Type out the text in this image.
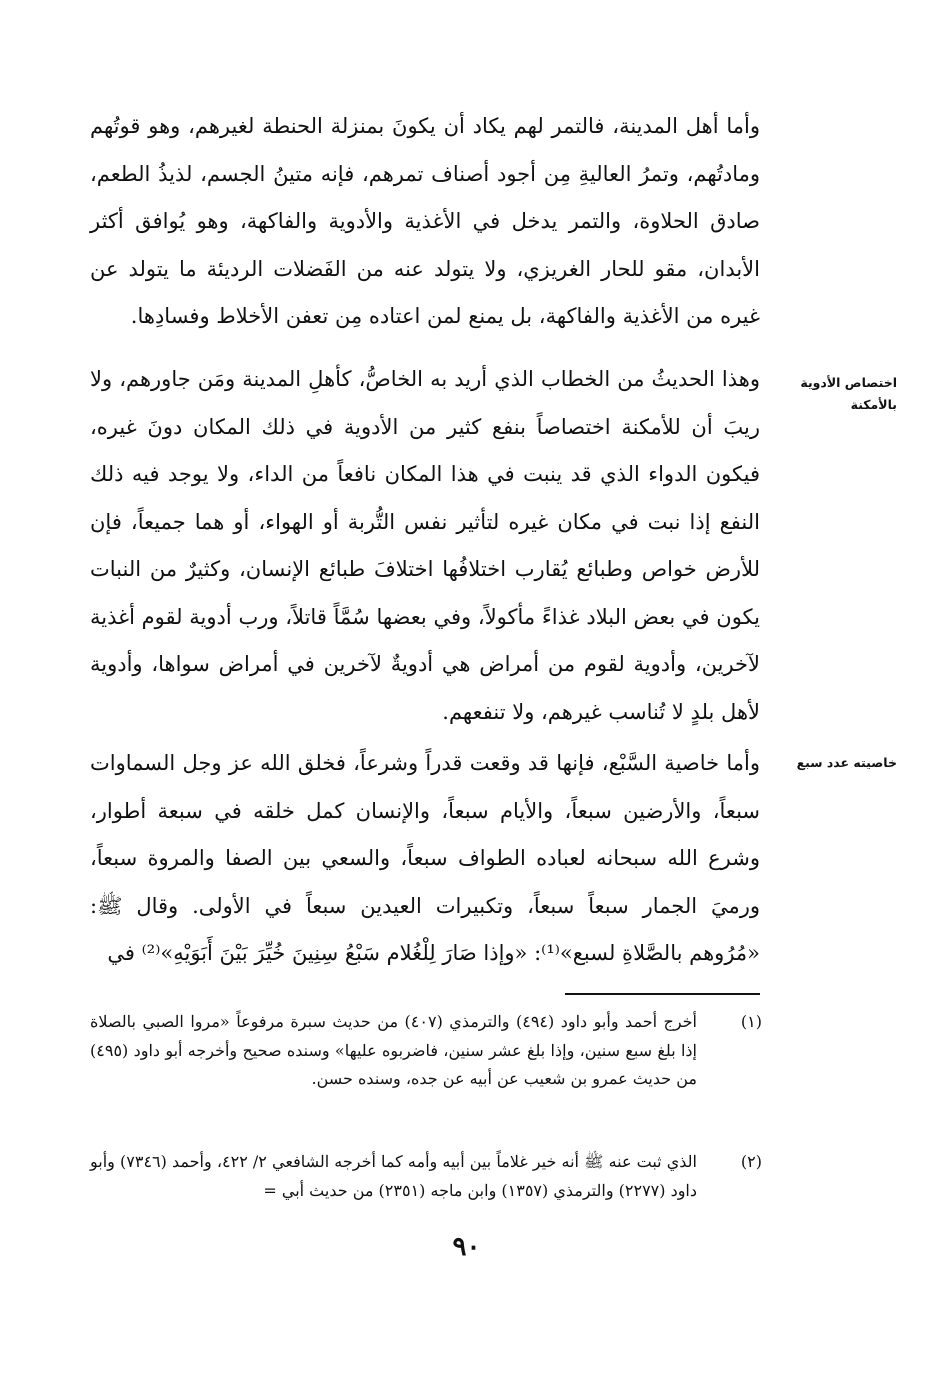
وأما أهل المدينة، فالتمر لهم يكاد أن يكونَ بمنزلة الحنطة لغيرهم، وهو قوتُهم ومادتُهم، وتمرُ العاليةِ مِن أجود أصناف تمرهم، فإنه متينُ الجسم، لذيذُ الطعم، صادق الحلاوة، والتمر يدخل في الأغذية والأدوية والفاكهة، وهو يُوافق أكثر الأبدان، مقو للحار الغريزي، ولا يتولد عنه من الفَضلات الرديئة ما يتولد عن غيره من الأغذية والفاكهة، بل يمنع لمن اعتاده مِن تعفن الأخلاط وفسادِها.

اختصاص الأدوية بالأمكنة

وهذا الحديثُ من الخطاب الذي أريد به الخاصُّ، كأهلِ المدينة ومَن جاورهم، ولا ريبَ أن للأمكنة اختصاصاً بنفع كثير من الأدوية في ذلك المكان دونَ غيره، فيكون الدواء الذي قد ينبت في هذا المكان نافعاً من الداء، ولا يوجد فيه ذلك النفع إذا نبت في مكان غيره لتأثير نفس التُّربة أو الهواء، أو هما جميعاً، فإن للأرض خواص وطبائع يُقارب اختلافُها اختلافَ طبائع الإنسان، وكثيرٌ من النبات يكون في بعض البلاد غذاءً مأكولاً، وفي بعضها سُمَّاً قاتلاً، ورب أدوية لقوم أغذية لآخرين، وأدوية لقوم من أمراض هي أدويةٌ لآخرين في أمراض سواها، وأدوية لأهل بلدٍ لا تُناسب غيرهم، ولا تنفعهم.

خاصيته عدد سبع

وأما خاصية السَّبْع، فإنها قد وقعت قدراً وشرعاً، فخلق الله عز وجل السماوات سبعاً، والأرضين سبعاً، والأيام سبعاً، والإنسان كمل خلقه في سبعة أطوار، وشرع الله سبحانه لعباده الطواف سبعاً، والسعي بين الصفا والمروة سبعاً، ورميَ الجمار سبعاً سبعاً، وتكبيرات العيدين سبعاً في الأولى. وقال ﷺ: «مُرُوهم بالصَّلاةِ لسبع»⁽¹⁾: «وإذا صَارَ لِلْغُلام سَبْعُ سِنِينَ خُيِّرَ بَيْنَ أَبَوَيْهِ»⁽²⁾ في

(١)
أخرج أحمد وأبو داود (٤٩٤) والترمذي (٤٠٧) من حديث سبرة مرفوعاً «مروا الصبي بالصلاة إذا بلغ سبع سنين، وإذا بلغ عشر سنين، فاضربوه عليها» وسنده صحيح وأخرجه أبو داود (٤٩٥) من حديث عمرو بن شعيب عن أبيه عن جده، وسنده حسن.
(٢)
الذي ثبت عنه ﷺ أنه خير غلاماً بين أبيه وأمه كما أخرجه الشافعي ٢/ ٤٢٢، وأحمد (٧٣٤٦) وأبو داود (٢٢٧٧) والترمذي (١٣٥٧) وابن ماجه (٢٣٥١) من حديث أبي =
٩٠
